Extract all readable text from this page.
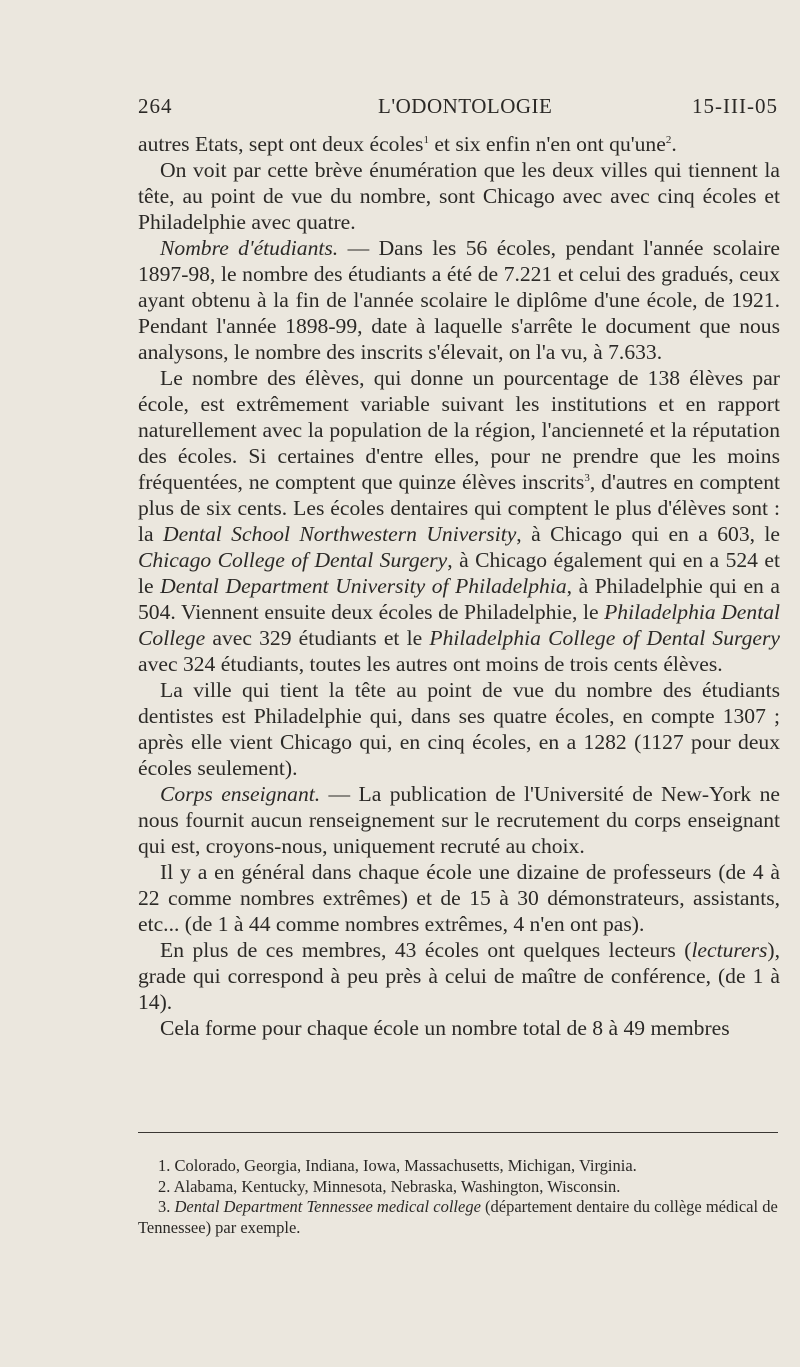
264	L'ODONTOLOGIE	15-III-05

autres Etats, sept ont deux écoles$^1$ et six enfin n'en ont qu'une$^2$.

On voit par cette brève énumération que les deux villes qui tiennent la tête, au point de vue du nombre, sont Chicago avec avec cinq écoles et Philadelphie avec quatre.

Nombre d'étudiants. — Dans les 56 écoles, pendant l'année scolaire 1897-98, le nombre des étudiants a été de 7.221 et celui des gradués, ceux ayant obtenu à la fin de l'année scolaire le diplôme d'une école, de 1921. Pendant l'année 1898-99, date à laquelle s'arrête le document que nous analysons, le nombre des inscrits s'élevait, on l'a vu, à 7.633.

Le nombre des élèves, qui donne un pourcentage de 138 élèves par école, est extrêmement variable suivant les institutions et en rapport naturellement avec la population de la région, l'ancienneté et la réputation des écoles. Si certaines d'entre elles, pour ne prendre que les moins fréquentées, ne comptent que quinze élèves inscrits$^3$, d'autres en comptent plus de six cents. Les écoles dentaires qui comptent le plus d'élèves sont : la Dental School Northwestern University, à Chicago qui en a 603, le Chicago College of Dental Surgery, à Chicago également qui en a 524 et le Dental Department University of Philadelphia, à Philadelphie qui en a 504. Viennent ensuite deux écoles de Philadelphie, le Philadelphia Dental College avec 329 étudiants et le Philadelphia College of Dental Surgery avec 324 étudiants, toutes les autres ont moins de trois cents élèves.

La ville qui tient la tête au point de vue du nombre des étudiants dentistes est Philadelphie qui, dans ses quatre écoles, en compte 1307 ; après elle vient Chicago qui, en cinq écoles, en a 1282 (1127 pour deux écoles seulement).

Corps enseignant. — La publication de l'Université de New-York ne nous fournit aucun renseignement sur le recrutement du corps enseignant qui est, croyons-nous, uniquement recruté au choix.

Il y a en général dans chaque école une dizaine de professeurs (de 4 à 22 comme nombres extrêmes) et de 15 à 30 démonstrateurs, assistants, etc... (de 1 à 44 comme nombres extrêmes, 4 n'en ont pas).

En plus de ces membres, 43 écoles ont quelques lecteurs (lecturers), grade qui correspond à peu près à celui de maître de conférence, (de 1 à 14).

Cela forme pour chaque école un nombre total de 8 à 49 membres

1. Colorado, Georgia, Indiana, Iowa, Massachusetts, Michigan, Virginia.

2. Alabama, Kentucky, Minnesota, Nebraska, Washington, Wisconsin.

3. Dental Department Tennessee medical college (département dentaire du collège médical de Tennessee) par exemple.
